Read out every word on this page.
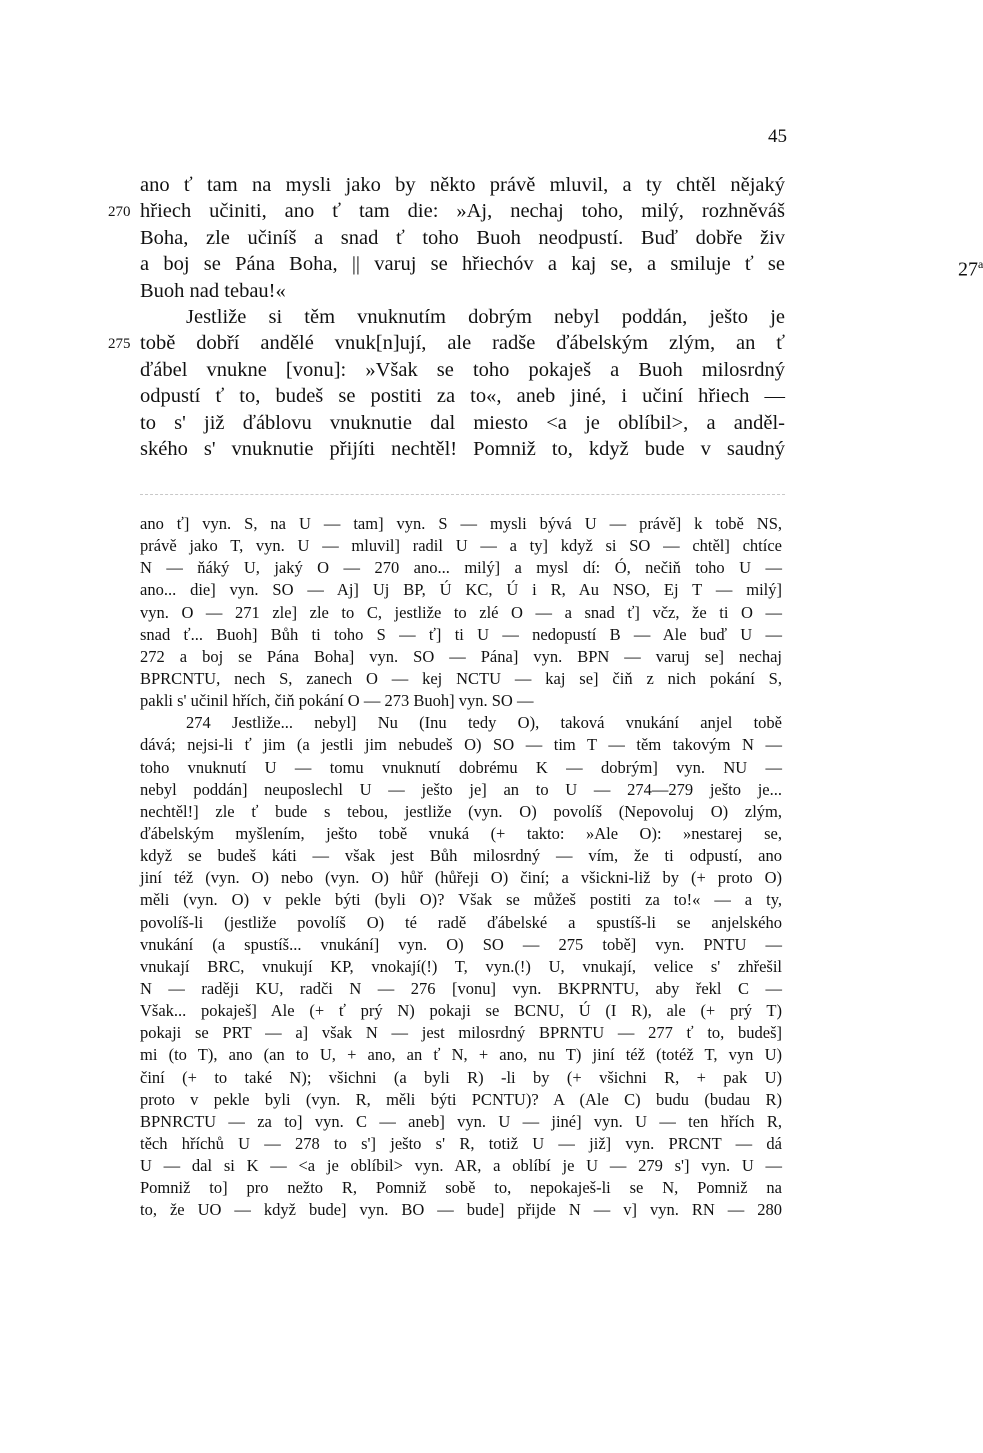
45
ano ť tam na mysli jako by někto právě mluvil, a ty chtěl nějaký
270 hřiech učiniti, ano ť tam die: »Aj, nechaj toho, milý, rozhněváš
Boha, zle učiníš a snad ť toho Buoh neodpustí. Buď dobře živ
a boj se Pána Boha, || varuj se hřiechóv a kaj se, a smiluje ť se	27$^a$
Buoh nad tebau!«
Jestliže si těm vnuknutím dobrým nebyl poddán, ješto je
275 tobě dobří andělé vnuk[n]ují, ale radše ďábelským zlým, an ť
ďábel vnukne [vonu]: »Však se toho pokaješ a Buoh milosrdný
odpustí ť to, budeš se postiti za to«, aneb jiné, i učiní hřiech —
to s' již ďáblovu vnuknutie dal miesto <a je oblíbil>, a anděl-
ského s' vnuknutie přijíti nechtěl! Pomniž to, když bude v saudný
ano ť] vyn. S, na U — tam] vyn. S — mysli bývá U — právě] k tobě NS,
právě jako T, vyn. U — mluvil] radil U — a ty] když si SO — chtěl] chtíce
N — ňáký U, jaký O — 270 ano... milý] a mysl dí: Ó, nečiň toho U —
ano... die] vyn. SO — Aj] Uj BP, Ú KC, Ú i R, Au NSO, Ej T — milý]
vyn. O — 271 zle] zle to C, jestliže to zlé O — a snad ť] včz, že ti O —
snad ť... Buoh] Bůh ti toho S — ť] ti U — nedopustí B — Ale buď U —
272 a boj se Pána Boha] vyn. SO — Pána] vyn. BPN — varuj se] nechaj
BPRCNTU, nech S, zanech O — kej NCTU — kaj se] čiň z nich pokání S,
pakli s' učinil hřích, čiň pokání O — 273 Buoh] vyn. SO —
274 Jestliže... nebyl] Nu (Inu tedy O), taková vnukání anjel tobě
dává; nejsi-li ť jim (a jestli jim nebudeš O) SO — tim T — těm takovým N —
toho vnuknutí U — tomu vnuknutí dobrému K — dobrým] vyn. NU —
nebyl poddán] neuposlechl U — ješto je] an to U — 274—279 ješto je...
nechtěl!] zle ť bude s tebou, jestliže (vyn. O) povolíš (Nepovoluj O) zlým,
ďábelským myšlením, ješto tobě vnuká (+ takto: »Ale O): »nestarej se,
když se budeš káti — však jest Bůh milosrdný — vím, že ti odpustí, ano
jiní též (vyn. O) nebo (vyn. O) hůř (hůřeji O) činí; a všickni-liž by (+ proto O)
měli (vyn. O) v pekle býti (byli O)? Však se můžeš postiti za to!« — a ty,
povolíš-li (jestliže povolíš O) té radě ďábelské a spustíš-li se anjelského
vnukání (a spustíš... vnukání] vyn. O) SO — 275 tobě] vyn. PNTU —
vnukají BRC, vnukují KP, vnokají(!) T, vyn.(!) U, vnukají, velice s' zhřešil
N — raději KU, radči N — 276 [vonu] vyn. BKPRNTU, aby řekl C —
Však... pokaješ] Ale (+ ť prý N) pokaji se BCNU, Ú (I R), ale (+ prý T)
pokaji se PRT — a] však N — jest milosrdný BPRNTU — 277 ť to, budeš]
mi (to T), ano (an to U, + ano, an ť N, + ano, nu T) jiní též (totéž T, vyn U)
činí (+ to také N); všichni (a byli R) -li by (+ všichni R, + pak U)
proto v pekle byli (vyn. R, měli býti PCNTU)? A (Ale C) budu (budau R)
BPNRCTU — za to] vyn. C — aneb] vyn. U — jiné] vyn. U — ten hřích R,
těch hříchů U — 278 to s'] ješto s' R, totiž U — již] vyn. PRCNT — dá
U — dal si K — <a je oblíbil> vyn. AR, a oblíbí je U — 279 s'] vyn. U —
Pomniž to] pro nežto R, Pomniž sobě to, nepokaješ-li se N, Pomniž na
to, že UO — když bude] vyn. BO — bude] přijde N — v] vyn. RN — 280
